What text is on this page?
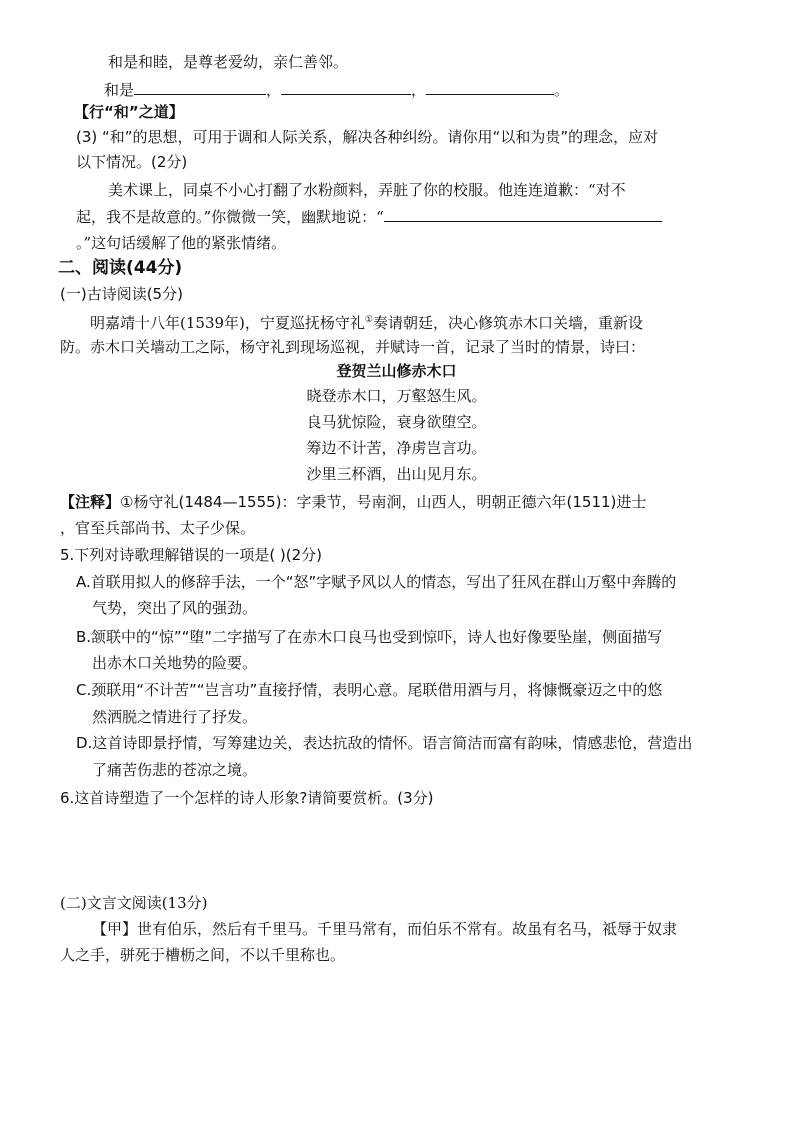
和是和睦，是尊老爱幼，亲仁善邻。
和是	，	，	。
【行“和”之道】
(3) “和”的思想，可用于调和人际关系，解决各种纠纷。请你用“以和为贵”的理念，应对
以下情况。(2分)
美术课上，同桌不小心打翻了水粉颜料，弄脏了你的校服。他连连道歉：“对不
起，我不是故意的。”你微微一笑，幽默地说：“
。”这句话缓解了他的紧张情绪。
二、阅读(44分)
(一)古诗阅读(5分)
明嘉靖十八年(1539年)，宁夏巡抚杨守礼①奏请朝廷，决心修筑赤木口关墙，重新设
防。赤木口关墙动工之际，杨守礼到现场巡视，并赋诗一首，记录了当时的情景，诗曰：
登贺兰山修赤木口
晓登赤木口，万壑怒生风。
良马犹惊险，衰身欲堕空。
筹边不计苦，净虏岂言功。
沙里三杯酒，出山见月东。
【注释】①杨守礼(1484—1555)：字秉节，号南涧，山西人，明朝正德六年(1511)进士
，官至兵部尚书、太子少保。
5.下列对诗歌理解错误的一项是( )(2分)
A.首联用拟人的修辞手法，一个“怒”字赋予风以人的情态，写出了狂风在群山万壑中奔腾的
气势，突出了风的强劲。
B.颔联中的“惊”“堕”二字描写了在赤木口良马也受到惊吓，诗人也好像要坠崖，侧面描写
出赤木口关地势的险要。
C.颈联用“不计苦”“岂言功”直接抒情，表明心意。尾联借用酒与月，将慷慨豪迈之中的悠
然洒脱之情进行了抒发。
D.这首诗即景抒情，写筹建边关，表达抗敌的情怀。语言简洁而富有韵味，情感悲怆，营造出
了痛苦伤悲的苍凉之境。
6.这首诗塑造了一个怎样的诗人形象?请简要赏析。(3分)
(二)文言文阅读(13分)
【甲】世有伯乐，然后有千里马。千里马常有，而伯乐不常有。故虽有名马，祗辱于奴隶
人之手，骈死于槽枥之间，不以千里称也。
